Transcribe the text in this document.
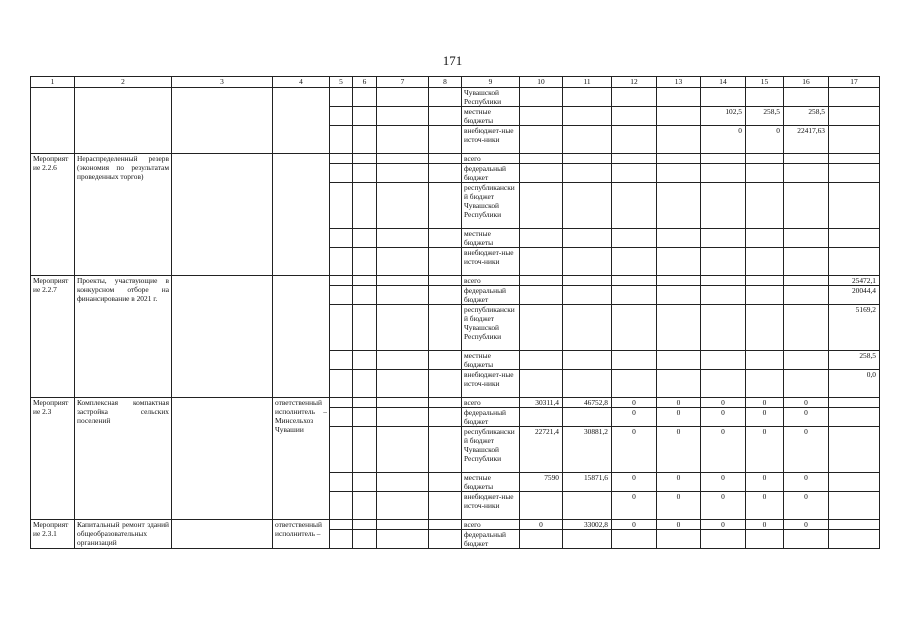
171
1	2	3	4	5	6	7	8	9	10	11	12	13	14	15	16	17
								Чувашской Республики								
								местные бюджеты					102,5	258,5	258,5	
								внебюджет-ные источ-ники					0	0	22417,63	
Мероприятие 2.2.6	Нераспределенный резерв (экономия по результатам проведенных торгов)							всего								
								федеральный бюджет								
								республиканский бюджет Чувашской Республики								
								местные бюджеты								
								внебюджет-ные источ-ники								
Мероприятие 2.2.7	Проекты, участвующие в конкурсном отборе на финансирование в 2021 г.							всего								25472,1
								федеральный бюджет								20044,4
								республиканский бюджет Чувашской Республики								5169,2
								местные бюджеты								258,5
								внебюджет-ные источ-ники								0,0
Мероприятие 2.3	Комплексная компактная застройка сельских поселений		ответственный исполнитель – Минсельхоз Чувашии					всего	30311,4	46752,8	0	0	0	0	0	
								федеральный бюджет			0	0	0	0	0	
								республиканский бюджет Чувашской Республики	22721,4	30881,2	0	0	0	0	0	
								местные бюджеты	7590	15871,6	0	0	0	0	0	
								внебюджет-ные источ-ники			0	0	0	0	0	
Мероприятие 2.3.1	Капитальный ремонт зданий общеобразовательных организаций		ответственный исполнитель –					всего	0	33002,8	0	0	0	0	0	
								федеральный бюджет								
